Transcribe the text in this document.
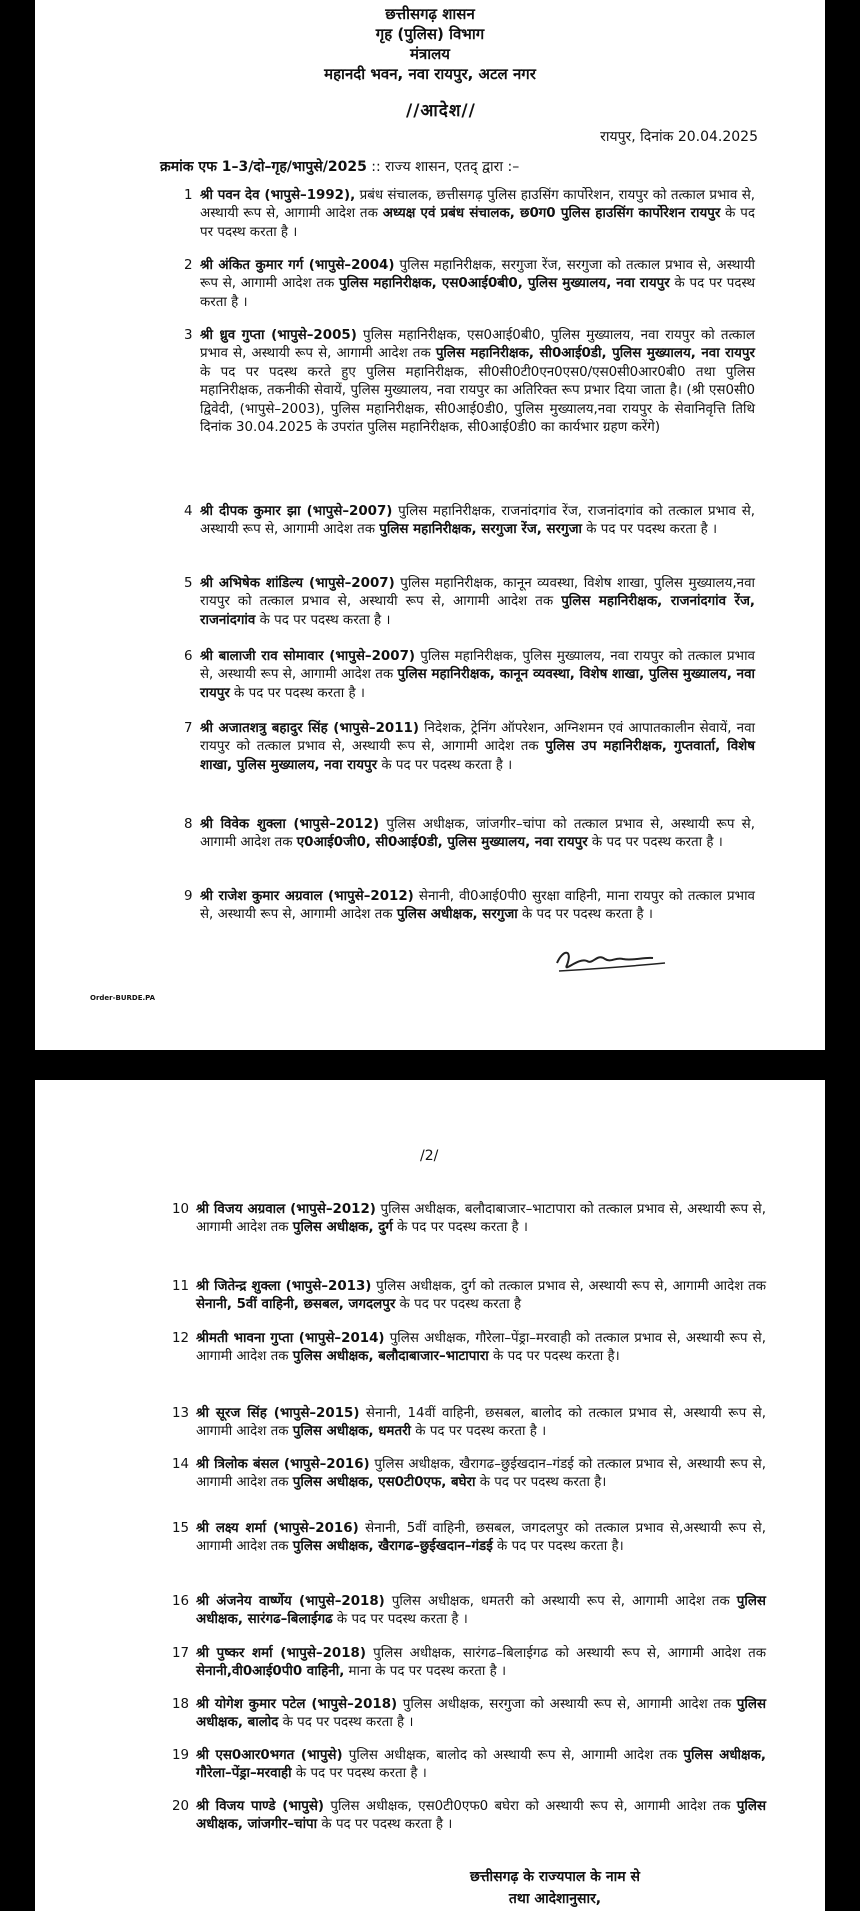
छत्तीसगढ़ शासन
गृह (पुलिस) विभाग
मंत्रालय
महानदी भवन, नवा रायपुर, अटल नगर
//आदेश//
रायपुर, दिनांक 20.04.2025
क्रमांक एफ 1–3/दो–गृह/भापुसे/2025 :: राज्य शासन, एतद् द्वारा :–
1 श्री पवन देव (भापुसे–1992), प्रबंध संचालक, छत्तीसगढ़ पुलिस हाउसिंग कार्पोरेशन, रायपुर को तत्काल प्रभाव से, अस्थायी रूप से, आगामी आदेश तक अध्यक्ष एवं प्रबंध संचालक, छ0ग0 पुलिस हाउसिंग कार्पोरेशन रायपुर के पद पर पदस्थ करता है ।
2 श्री अंकित कुमार गर्ग (भापुसे–2004) पुलिस महानिरीक्षक, सरगुजा रेंज, सरगुजा को तत्काल प्रभाव से, अस्थायी रूप से, आगामी आदेश तक पुलिस महानिरीक्षक, एस0आई0बी0, पुलिस मुख्यालय, नवा रायपुर के पद पर पदस्थ करता है ।
3 श्री ध्रुव गुप्ता (भापुसे–2005) पुलिस महानिरीक्षक, एस0आई0बी0, पुलिस मुख्यालय, नवा रायपुर को तत्काल प्रभाव से, अस्थायी रूप से, आगामी आदेश तक पुलिस महानिरीक्षक, सी0आई0डी, पुलिस मुख्यालय, नवा रायपुर के पद पर पदस्थ करते हुए पुलिस महानिरीक्षक, सी0सी0टी0एन0एस0/एस0सी0आर0बी0 तथा पुलिस महानिरीक्षक, तकनीकी सेवायें, पुलिस मुख्यालय, नवा रायपुर का अतिरिक्त रूप प्रभार दिया जाता है। (श्री एस0सी0 द्विवेदी, (भापुसे–2003), पुलिस महानिरीक्षक, सी0आई0डी0, पुलिस मुख्यालय,नवा रायपुर के सेवानिवृत्ति तिथि दिनांक 30.04.2025 के उपरांत पुलिस महानिरीक्षक, सी0आई0डी0 का कार्यभार ग्रहण करेंगे)
4 श्री दीपक कुमार झा (भापुसे–2007) पुलिस महानिरीक्षक, राजनांदगांव रेंज, राजनांदगांव को तत्काल प्रभाव से, अस्थायी रूप से, आगामी आदेश तक पुलिस महानिरीक्षक, सरगुजा रेंज, सरगुजा के पद पर पदस्थ करता है ।
5 श्री अभिषेक शांडिल्य (भापुसे–2007) पुलिस महानिरीक्षक, कानून व्यवस्था, विशेष शाखा, पुलिस मुख्यालय,नवा रायपुर को तत्काल प्रभाव से, अस्थायी रूप से, आगामी आदेश तक पुलिस महानिरीक्षक, राजनांदगांव रेंज, राजनांदगांव के पद पर पदस्थ करता है ।
6 श्री बालाजी राव सोमावार (भापुसे–2007) पुलिस महानिरीक्षक, पुलिस मुख्यालय, नवा रायपुर को तत्काल प्रभाव से, अस्थायी रूप से, आगामी आदेश तक पुलिस महानिरीक्षक, कानून व्यवस्था, विशेष शाखा, पुलिस मुख्यालय, नवा रायपुर के पद पर पदस्थ करता है ।
7 श्री अजातशत्रु बहादुर सिंह (भापुसे–2011) निदेशक, ट्रेनिंग ऑपरेशन, अग्निशमन एवं आपातकालीन सेवायें, नवा रायपुर को तत्काल प्रभाव से, अस्थायी रूप से, आगामी आदेश तक पुलिस उप महानिरीक्षक, गुप्तवार्ता, विशेष शाखा, पुलिस मुख्यालय, नवा रायपुर के पद पर पदस्थ करता है ।
8 श्री विवेक शुक्ला (भापुसे–2012) पुलिस अधीक्षक, जांजगीर–चांपा को तत्काल प्रभाव से, अस्थायी रूप से, आगामी आदेश तक ए0आई0जी0, सी0आई0डी, पुलिस मुख्यालय, नवा रायपुर के पद पर पदस्थ करता है ।
9 श्री राजेश कुमार अग्रवाल (भापुसे–2012) सेनानी, वी0आई0पी0 सुरक्षा वाहिनी, माना रायपुर को तत्काल प्रभाव से, अस्थायी रूप से, आगामी आदेश तक पुलिस अधीक्षक, सरगुजा के पद पर पदस्थ करता है ।
Order-BURDE.PA
/2/
10 श्री विजय अग्रवाल (भापुसे–2012) पुलिस अधीक्षक, बलौदाबाजार–भाटापारा को तत्काल प्रभाव से, अस्थायी रूप से, आगामी आदेश तक पुलिस अधीक्षक, दुर्ग के पद पर पदस्थ करता है ।
11 श्री जितेन्द्र शुक्ला (भापुसे–2013) पुलिस अधीक्षक, दुर्ग को तत्काल प्रभाव से, अस्थायी रूप से, आगामी आदेश तक सेनानी, 5वीं वाहिनी, छसबल, जगदलपुर के पद पर पदस्थ करता है
12 श्रीमती भावना गुप्ता (भापुसे–2014) पुलिस अधीक्षक, गौरेला–पेंड्रा–मरवाही को तत्काल प्रभाव से, अस्थायी रूप से, आगामी आदेश तक पुलिस अधीक्षक, बलौदाबाजार–भाटापारा के पद पर पदस्थ करता है।
13 श्री सूरज सिंह (भापुसे–2015) सेनानी, 14वीं वाहिनी, छसबल, बालोद को तत्काल प्रभाव से, अस्थायी रूप से, आगामी आदेश तक पुलिस अधीक्षक, धमतरी के पद पर पदस्थ करता है ।
14 श्री त्रिलोक बंसल (भापुसे–2016) पुलिस अधीक्षक, खैरागढ–छुईखदान–गंडई को तत्काल प्रभाव से, अस्थायी रूप से, आगामी आदेश तक पुलिस अधीक्षक, एस0टी0एफ, बघेरा के पद पर पदस्थ करता है।
15 श्री लक्ष्य शर्मा (भापुसे–2016) सेनानी, 5वीं वाहिनी, छसबल, जगदलपुर को तत्काल प्रभाव से,अस्थायी रूप से, आगामी आदेश तक पुलिस अधीक्षक, खैरागढ–छुईखदान–गंडई के पद पर पदस्थ करता है।
16 श्री अंजनेय वार्ष्णेय (भापुसे–2018) पुलिस अधीक्षक, धमतरी को अस्थायी रूप से, आगामी आदेश तक पुलिस अधीक्षक, सारंगढ–बिलाईगढ के पद पर पदस्थ करता है ।
17 श्री पुष्कर शर्मा (भापुसे–2018) पुलिस अधीक्षक, सारंगढ–बिलाईगढ को अस्थायी रूप से, आगामी आदेश तक सेनानी,वी0आई0पी0 वाहिनी, माना के पद पर पदस्थ करता है ।
18 श्री योगेश कुमार पटेल (भापुसे–2018) पुलिस अधीक्षक, सरगुजा को अस्थायी रूप से, आगामी आदेश तक पुलिस अधीक्षक, बालोद के पद पर पदस्थ करता है ।
19 श्री एस0आर0भगत (भापुसे) पुलिस अधीक्षक, बालोद को अस्थायी रूप से, आगामी आदेश तक पुलिस अधीक्षक, गौरेला–पेंड्रा–मरवाही के पद पर पदस्थ करता है ।
20 श्री विजय पाण्डे (भापुसे) पुलिस अधीक्षक, एस0टी0एफ0 बघेरा को अस्थायी रूप से, आगामी आदेश तक पुलिस अधीक्षक, जांजगीर–चांपा के पद पर पदस्थ करता है ।
छत्तीसगढ़ के राज्यपाल के नाम से
तथा आदेशानुसार,
